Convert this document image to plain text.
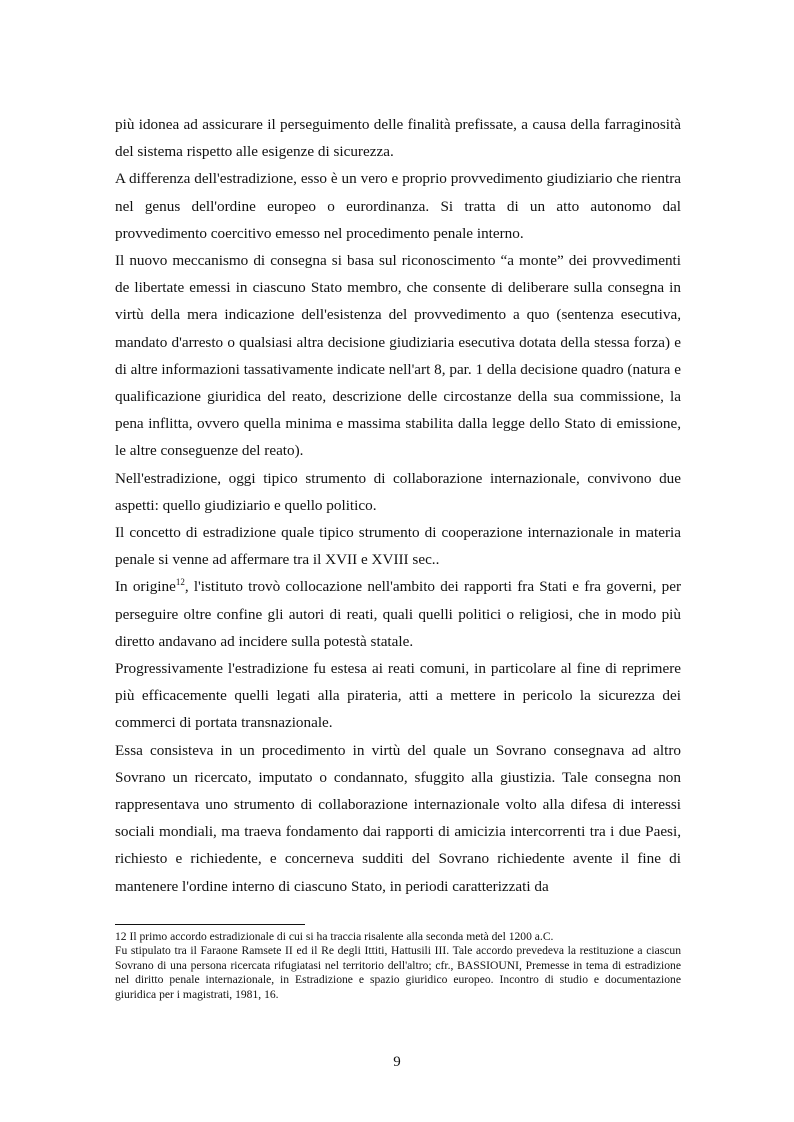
più idonea ad assicurare il perseguimento delle finalità prefissate, a causa della farraginosità del sistema rispetto alle esigenze di sicurezza.

A differenza dell'estradizione, esso è un vero e proprio provvedimento giudiziario che rientra nel genus dell'ordine europeo o eurordinanza. Si tratta di un atto autonomo dal provvedimento coercitivo emesso nel procedimento penale interno.

Il nuovo meccanismo di consegna si basa sul riconoscimento “a monte” dei provvedimenti de libertate emessi in ciascuno Stato membro, che consente di deliberare sulla consegna in virtù della mera indicazione dell'esistenza del provvedimento a quo (sentenza esecutiva, mandato d'arresto o qualsiasi altra decisione giudiziaria esecutiva dotata della stessa forza) e di altre informazioni tassativamente indicate nell'art 8, par. 1 della decisione quadro (natura e qualificazione giuridica del reato, descrizione delle circostanze della sua commissione, la pena inflitta, ovvero quella minima e massima stabilita dalla legge dello Stato di emissione, le altre conseguenze del reato).

Nell'estradizione, oggi tipico strumento di collaborazione internazionale, convivono due aspetti: quello giudiziario e quello politico.

Il concetto di estradizione quale tipico strumento di cooperazione internazionale in materia penale si venne ad affermare tra il XVII e XVIII sec..

In origine$^{12}$, l'istituto trovò collocazione nell'ambito dei rapporti fra Stati e fra governi, per perseguire oltre confine gli autori di reati, quali quelli politici o religiosi, che in modo più diretto andavano ad incidere sulla potestà statale.

Progressivamente l'estradizione fu estesa ai reati comuni, in particolare al fine di reprimere più efficacemente quelli legati alla pirateria, atti a mettere in pericolo la sicurezza dei commerci di portata transnazionale.

Essa consisteva in un procedimento in virtù del quale un Sovrano consegnava ad altro Sovrano un ricercato, imputato o condannato, sfuggito alla giustizia. Tale consegna non rappresentava uno strumento di collaborazione internazionale volto alla difesa di interessi sociali mondiali, ma traeva fondamento dai rapporti di amicizia intercorrenti tra i due Paesi, richiesto e richiedente, e concerneva sudditi del Sovrano richiedente avente il fine di mantenere l'ordine interno di ciascuno Stato, in periodi caratterizzati da

12 Il primo accordo estradizionale di cui si ha traccia risalente alla seconda metà del 1200 a.C.

Fu stipulato tra il Faraone Ramsete II ed il Re degli Ittiti, Hattusili III. Tale accordo prevedeva la restituzione a ciascun Sovrano di una persona ricercata rifugiatasi nel territorio dell'altro; cfr., BASSIOUNI, Premesse in tema di estradizione nel diritto penale internazionale, in Estradizione e spazio giuridico europeo. Incontro di studio e documentazione giuridica per i magistrati, 1981, 16.

9
